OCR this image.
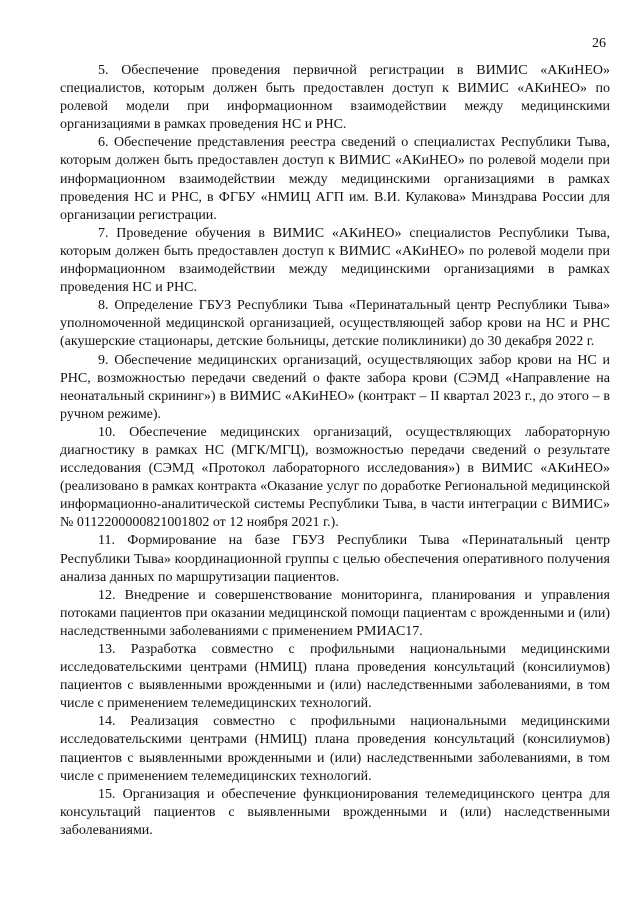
26

5. Обеспечение проведения первичной регистрации в ВИМИС «АКиНЕО» специалистов, которым должен быть предоставлен доступ к ВИМИС «АКиНЕО» по ролевой модели при информационном взаимодействии между медицинскими организациями в рамках проведения НС и РНС.

6. Обеспечение представления реестра сведений о специалистах Республики Тыва, которым должен быть предоставлен доступ к ВИМИС «АКиНЕО» по ролевой модели при информационном взаимодействии между медицинскими организациями в рамках проведения НС и РНС, в ФГБУ «НМИЦ АГП им. В.И. Кулакова» Минздрава России для организации регистрации.

7. Проведение обучения в ВИМИС «АКиНЕО» специалистов Республики Тыва, которым должен быть предоставлен доступ к ВИМИС «АКиНЕО» по ролевой модели при информационном взаимодействии между медицинскими организациями в рамках проведения НС и РНС.

8. Определение ГБУЗ Республики Тыва «Перинатальный центр Республики Тыва» уполномоченной медицинской организацией, осуществляющей забор крови на НС и РНС (акушерские стационары, детские больницы, детские поликлиники) до 30 декабря 2022 г.

9. Обеспечение медицинских организаций, осуществляющих забор крови на НС и РНС, возможностью передачи сведений о факте забора крови (СЭМД «Направление на неонатальный скрининг») в ВИМИС «АКиНЕО» (контракт – II квартал 2023 г., до этого – в ручном режиме).

10. Обеспечение медицинских организаций, осуществляющих лабораторную диагностику в рамках НС (МГК/МГЦ), возможностью передачи сведений о результате исследования (СЭМД «Протокол лабораторного исследования») в ВИМИС «АКиНЕО» (реализовано в рамках контракта «Оказание услуг по доработке Региональной медицинской информационно-аналитической системы Республики Тыва, в части интеграции с ВИМИС» № 0112200000821001802 от 12 ноября 2021 г.).

11. Формирование на базе ГБУЗ Республики Тыва «Перинатальный центр Республики Тыва» координационной группы с целью обеспечения оперативного получения анализа данных по маршрутизации пациентов.

12. Внедрение и совершенствование мониторинга, планирования и управления потоками пациентов при оказании медицинской помощи пациентам с врожденными и (или) наследственными заболеваниями с применением РМИАС17.

13. Разработка совместно с профильными национальными медицинскими исследовательскими центрами (НМИЦ) плана проведения консультаций (консилиумов) пациентов с выявленными врожденными и (или) наследственными заболеваниями, в том числе с применением телемедицинских технологий.

14. Реализация совместно с профильными национальными медицинскими исследовательскими центрами (НМИЦ) плана проведения консультаций (консилиумов) пациентов с выявленными врожденными и (или) наследственными заболеваниями, в том числе с применением телемедицинских технологий.

15. Организация и обеспечение функционирования телемедицинского центра для консультаций пациентов с выявленными врожденными и (или) наследственными заболеваниями.
